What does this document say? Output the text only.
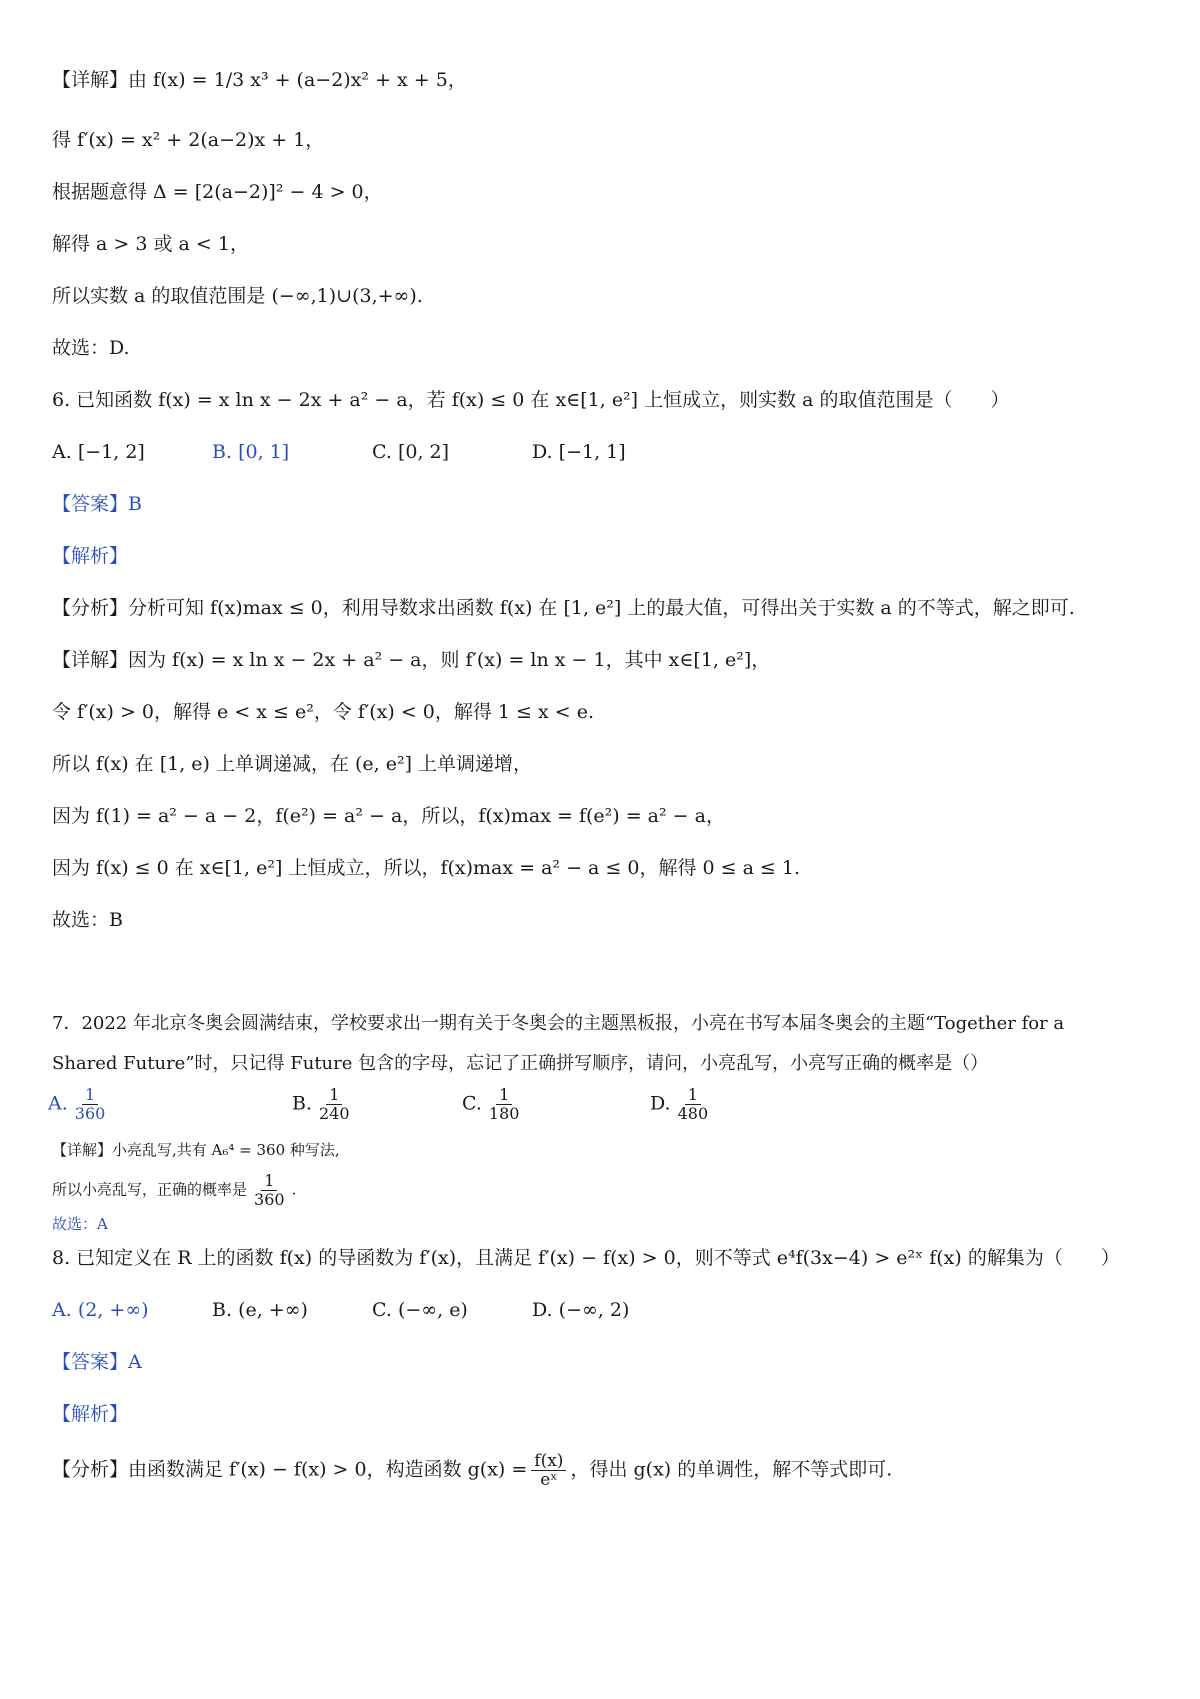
【详解】由 f(x) = 1/3 x³ + (a−2)x² + x + 5，
得 f′(x) = x² + 2(a−2)x + 1，
根据题意得 Δ = [2(a−2)]² − 4 > 0，
解得 a > 3 或 a < 1，
所以实数 a 的取值范围是 (−∞,1)∪(3,+∞).
故选：D.
6. 已知函数 f(x) = x ln x − 2x + a² − a，若 f(x) ≤ 0 在 x∈[1, e²] 上恒成立，则实数 a 的取值范围是（　　）
A. [−1, 2]	B. [0, 1]	C. [0, 2]	D. [−1, 1]
【答案】B
【解析】
【分析】分析可知 f(x)max ≤ 0，利用导数求出函数 f(x) 在 [1, e²] 上的最大值，可得出关于实数 a 的不等式，解之即可.
【详解】因为 f(x) = x ln x − 2x + a² − a，则 f′(x) = ln x − 1，其中 x∈[1, e²]，
令 f′(x) > 0，解得 e < x ≤ e²，令 f′(x) < 0，解得 1 ≤ x < e.
所以 f(x) 在 [1, e) 上单调递减，在 (e, e²] 上单调递增，
因为 f(1) = a² − a − 2，f(e²) = a² − a，所以，f(x)max = f(e²) = a² − a，
因为 f(x) ≤ 0 在 x∈[1, e²] 上恒成立，所以，f(x)max = a² − a ≤ 0，解得 0 ≤ a ≤ 1.
故选：B
7．2022 年北京冬奥会圆满结束，学校要求出一期有关于冬奥会的主题黑板报，小亮在书写本届冬奥会的主题“Together for a
Shared Future”时，只记得 Future 包含的字母，忘记了正确拼写顺序，请问，小亮乱写，小亮写正确的概率是（）
A. $\frac{1}{360}$	B. $\frac{1}{240}$	C. $\frac{1}{180}$	D. $\frac{1}{480}$
【详解】小亮乱写,共有 A₆⁴ = 360 种写法,
所以小亮乱写，正确的概率是 $\frac{1}{360}$ .
故选：A
8. 已知定义在 R 上的函数 f(x) 的导函数为 f′(x)，且满足 f′(x) − f(x) > 0，则不等式 e⁴f(3x−4) > e²ˣ f(x) 的解集为（　　）
A. (2, +∞)	B. (e, +∞)	C. (−∞, e)	D. (−∞, 2)
【答案】A
【解析】
【分析】由函数满足 f′(x) − f(x) > 0，构造函数 $g(x) = \frac{f(x)}{\text{eˣ}}$ ，得出 g(x) 的单调性，解不等式即可.
